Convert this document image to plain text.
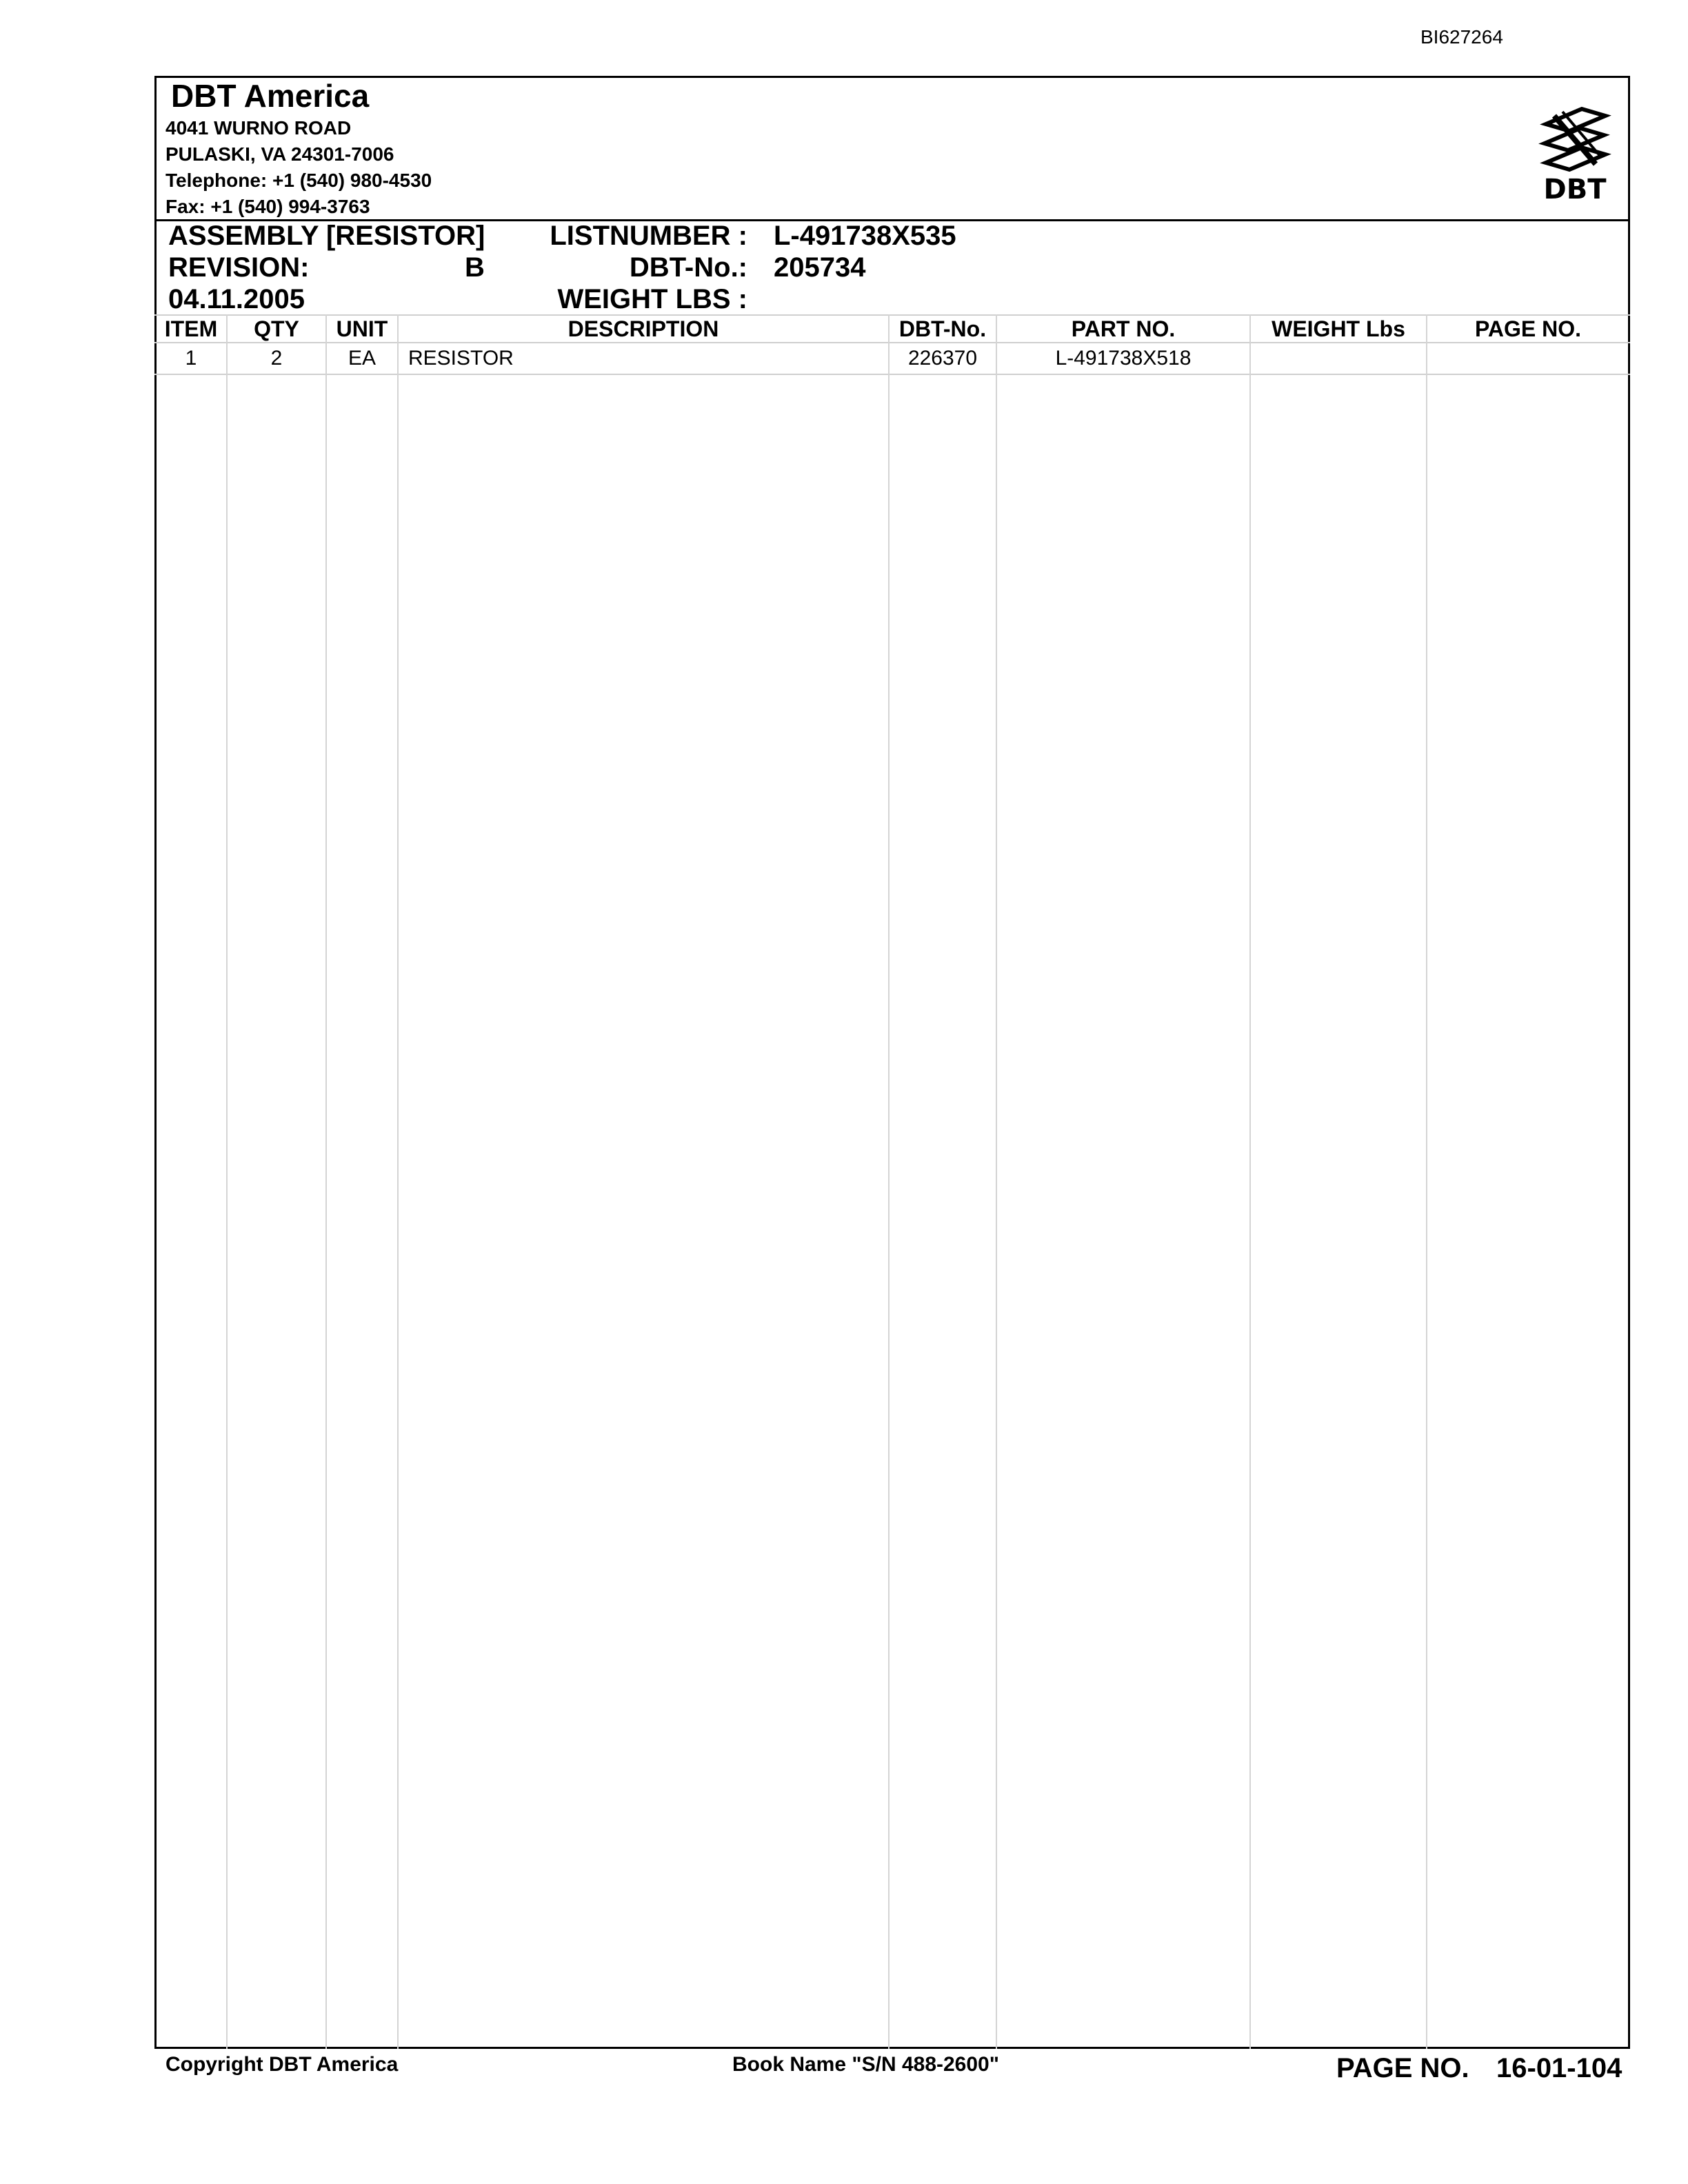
BI627264
DBT America
4041 WURNO ROAD
PULASKI, VA 24301-7006
Telephone: +1 (540) 980-4530
Fax: +1 (540) 994-3763
DBT
ASSEMBLY [RESISTOR]
REVISION:	B
04.11.2005
LISTNUMBER : L-491738X535
DBT-No.: 205734
WEIGHT LBS :
ITEM	QTY	UNIT	DESCRIPTION	DBT-No.	PART NO.	WEIGHT Lbs	PAGE NO.
1	2	EA	RESISTOR	226370	L-491738X518
Copyright DBT America	Book Name "S/N 488-2600"	PAGE NO. 16-01-104
